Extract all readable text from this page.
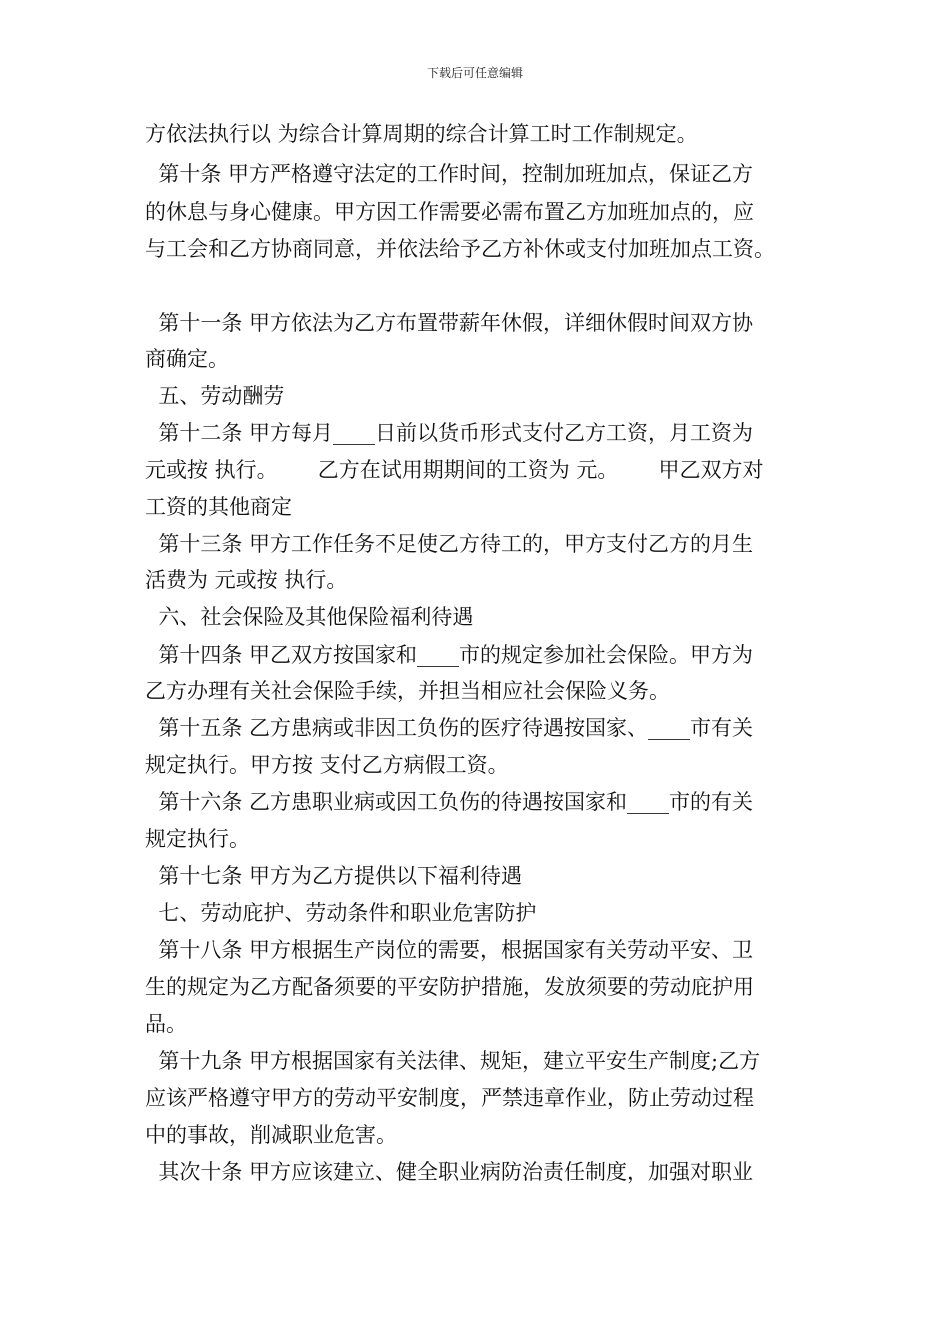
下载后可任意编辑
方依法执行以 为综合计算周期的综合计算工时工作制规定。
第十条 甲方严格遵守法定的工作时间，控制加班加点，保证乙方
的休息与身心健康。甲方因工作需要必需布置乙方加班加点的，应
与工会和乙方协商同意，并依法给予乙方补休或支付加班加点工资。
第十一条 甲方依法为乙方布置带薪年休假，详细休假时间双方协
商确定。
五、劳动酬劳
第十二条 甲方每月____日前以货币形式支付乙方工资，月工资为
元或按 执行。      乙方在试用期期间的工资为 元。      甲乙双方对
工资的其他商定
第十三条 甲方工作任务不足使乙方待工的，甲方支付乙方的月生
活费为 元或按 执行。
六、社会保险及其他保险福利待遇
第十四条 甲乙双方按国家和____市的规定参加社会保险。甲方为
乙方办理有关社会保险手续，并担当相应社会保险义务。
第十五条 乙方患病或非因工负伤的医疗待遇按国家、____市有关
规定执行。甲方按 支付乙方病假工资。
第十六条 乙方患职业病或因工负伤的待遇按国家和____市的有关
规定执行。
第十七条 甲方为乙方提供以下福利待遇
七、劳动庇护、劳动条件和职业危害防护
第十八条 甲方根据生产岗位的需要，根据国家有关劳动平安、卫
生的规定为乙方配备须要的平安防护措施，发放须要的劳动庇护用
品。
第十九条 甲方根据国家有关法律、规矩，建立平安生产制度;乙方
应该严格遵守甲方的劳动平安制度，严禁违章作业，防止劳动过程
中的事故，削减职业危害。
其次十条 甲方应该建立、健全职业病防治责任制度，加强对职业
